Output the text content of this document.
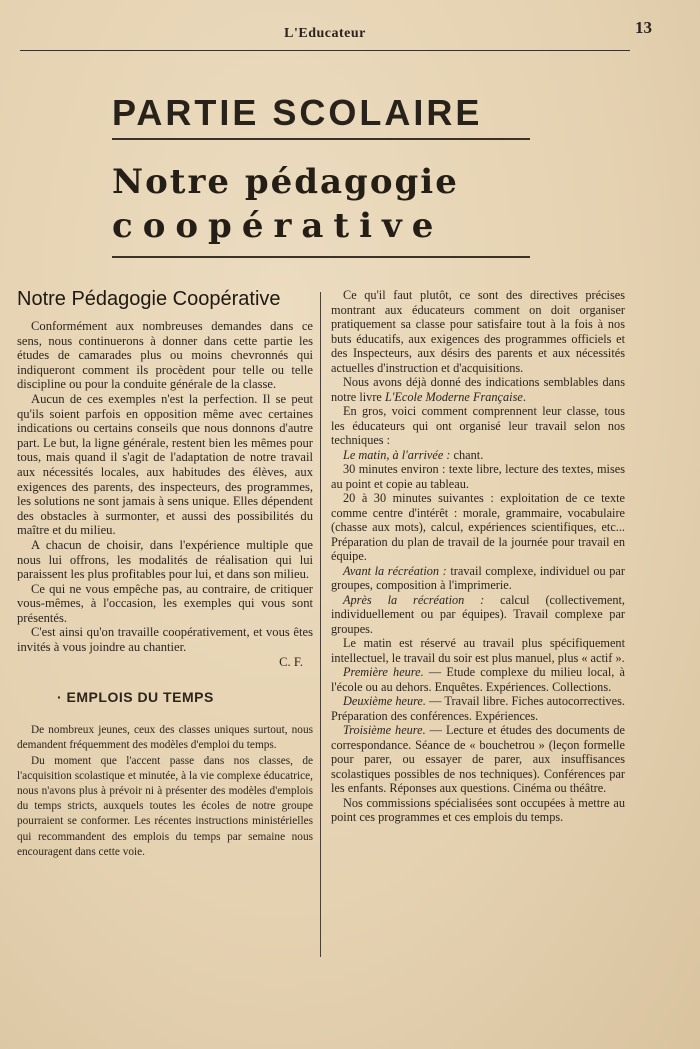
L'Educateur	13
PARTIE SCOLAIRE
Notre pédagogie
coopérative
Notre Pédagogie Coopérative

Conformément aux nombreuses demandes dans ce sens, nous continuerons à donner dans cette partie les études de camarades plus ou moins chevronnés qui indiqueront comment ils procèdent pour telle ou telle discipline ou pour la conduite générale de la classe.

Aucun de ces exemples n'est la perfection. Il se peut qu'ils soient parfois en opposition même avec certaines indications ou certains conseils que nous donnons d'autre part. Le but, la ligne générale, restent bien les mêmes pour tous, mais quand il s'agit de l'adaptation de notre travail aux nécessités locales, aux habitudes des élèves, aux exigences des parents, des inspecteurs, des programmes, les solutions ne sont jamais à sens unique. Elles dépendent des obstacles à surmonter, et aussi des possibilités du maître et du milieu.

A chacun de choisir, dans l'expérience multiple que nous lui offrons, les modalités de réalisation qui lui paraissent les plus profitables pour lui, et dans son milieu.

Ce qui ne vous empêche pas, au contraire, de critiquer vous-mêmes, à l'occasion, les exemples qui vous sont présentés.

C'est ainsi qu'on travaille coopérativement, et vous êtes invités à vous joindre au chantier.

C. F.
· EMPLOIS DU TEMPS

De nombreux jeunes, ceux des classes uniques surtout, nous demandent fréquemment des modèles d'emploi du temps.

Du moment que l'accent passe dans nos classes, de l'acquisition scolastique et minutée, à la vie complexe éducatrice, nous n'avons plus à prévoir ni à présenter des modèles d'emplois du temps stricts, auxquels toutes les écoles de notre groupe pourraient se conformer. Les récentes instructions ministérielles qui recommandent des emplois du temps par semaine nous encouragent dans cette voie.

Ce qu'il faut plutôt, ce sont des directives précises montrant aux éducateurs comment on doit organiser pratiquement sa classe pour satisfaire tout à la fois à nos buts éducatifs, aux exigences des programmes officiels et des Inspecteurs, aux désirs des parents et aux nécessités actuelles d'instruction et d'acquisitions.

Nous avons déjà donné des indications semblables dans notre livre L'Ecole Moderne Française.

En gros, voici comment comprennent leur classe, tous les éducateurs qui ont organisé leur travail selon nos techniques :

Le matin, à l'arrivée : chant.

30 minutes environ : texte libre, lecture des textes, mises au point et copie au tableau.

20 à 30 minutes suivantes : exploitation de ce texte comme centre d'intérêt : morale, grammaire, vocabulaire (chasse aux mots), calcul, expériences scientifiques, etc... Préparation du plan de travail de la journée pour travail en équipe.

Avant la récréation : travail complexe, individuel ou par groupes, composition à l'imprimerie.

Après la récréation : calcul (collectivement, individuellement ou par équipes). Travail complexe par groupes.

Le matin est réservé au travail plus spécifiquement intellectuel, le travail du soir est plus manuel, plus « actif ».

Première heure. — Etude complexe du milieu local, à l'école ou au dehors. Enquêtes. Expériences. Collections.

Deuxième heure. — Travail libre. Fiches autocorrectives. Préparation des conférences. Expériences.

Troisième heure. — Lecture et études des documents de correspondance. Séance de « bouchetrou » (leçon formelle pour parer, ou essayer de parer, aux insuffisances scolastiques possibles de nos techniques). Conférences par les enfants. Réponses aux questions. Cinéma ou théâtre.

Nos commissions spécialisées sont occupées à mettre au point ces programmes et ces emplois du temps.
